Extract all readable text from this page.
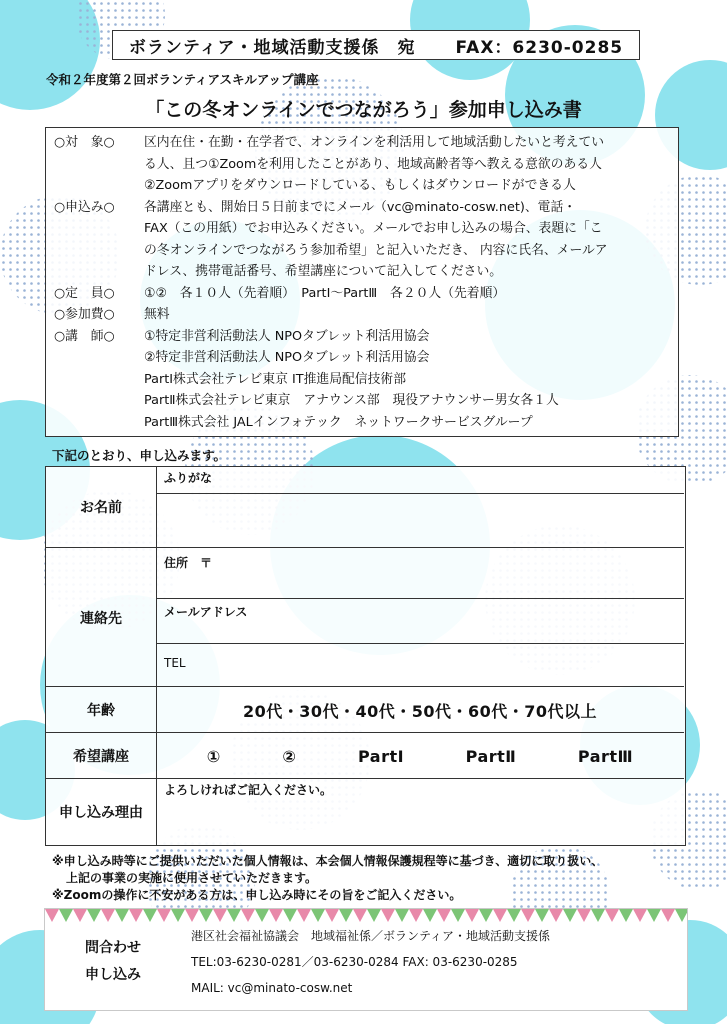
ボランティア・地域活動支援係　宛 FAX：6230-0285
令和２年度第２回ボランティアスキルアップ講座
「この冬オンラインでつながろう」参加申し込み書
○対　象○	区内在住・在勤・在学者で、オンラインを利活用して地域活動したいと考えてい
る人、且つ①Zoomを利用したことがあり、地域高齢者等へ教える意欲のある人
②Zoomアプリをダウンロードしている、もしくはダウンロードができる人
○申込み○	各講座とも、開始日５日前までにメール（vc@minato-cosw.net)、電話・
FAX（この用紙）でお申込みください。メールでお申し込みの場合、表題に「こ
の冬オンラインでつながろう参加希望」と記入いただき、 内容に氏名、メールア
ドレス、携帯電話番号、希望講座について記入してください。
○定　員○	①②　各１０人（先着順）　PartⅠ～PartⅢ　各２０人（先着順）
○参加費○	無料
○講　師○	①特定非営利活動法人 NPOタブレット利活用協会
②特定非営利活動法人 NPOタブレット利活用協会
PartⅠ株式会社テレビ東京 IT推進局配信技術部
PartⅡ株式会社テレビ東京　アナウンス部　現役アナウンサー男女各１人
PartⅢ株式会社 JALインフォテック　ネットワークサービスグループ
下記のとおり、申し込みます。
お名前
ふりがな
連絡先
住所　〒
メールアドレス
TEL
年齢	20代・30代・40代・50代・60代・70代以上
希望講座	①	②	PartⅠ	PartⅡ	PartⅢ
申し込み理由
よろしければご記入ください。
※申し込み時等にご提供いただいた個人情報は、本会個人情報保護規程等に基づき、適切に取り扱い、
上記の事業の実施に使用させていただきます。
※Zoomの操作に不安がある方は、申し込み時にその旨をご記入ください。
問合わせ
申し込み
港区社会福祉協議会　地域福祉係／ボランティア・地域活動支援係
TEL:03-6230-0281／03-6230-0284 FAX: 03-6230-0285
MAIL: vc@minato-cosw.net
